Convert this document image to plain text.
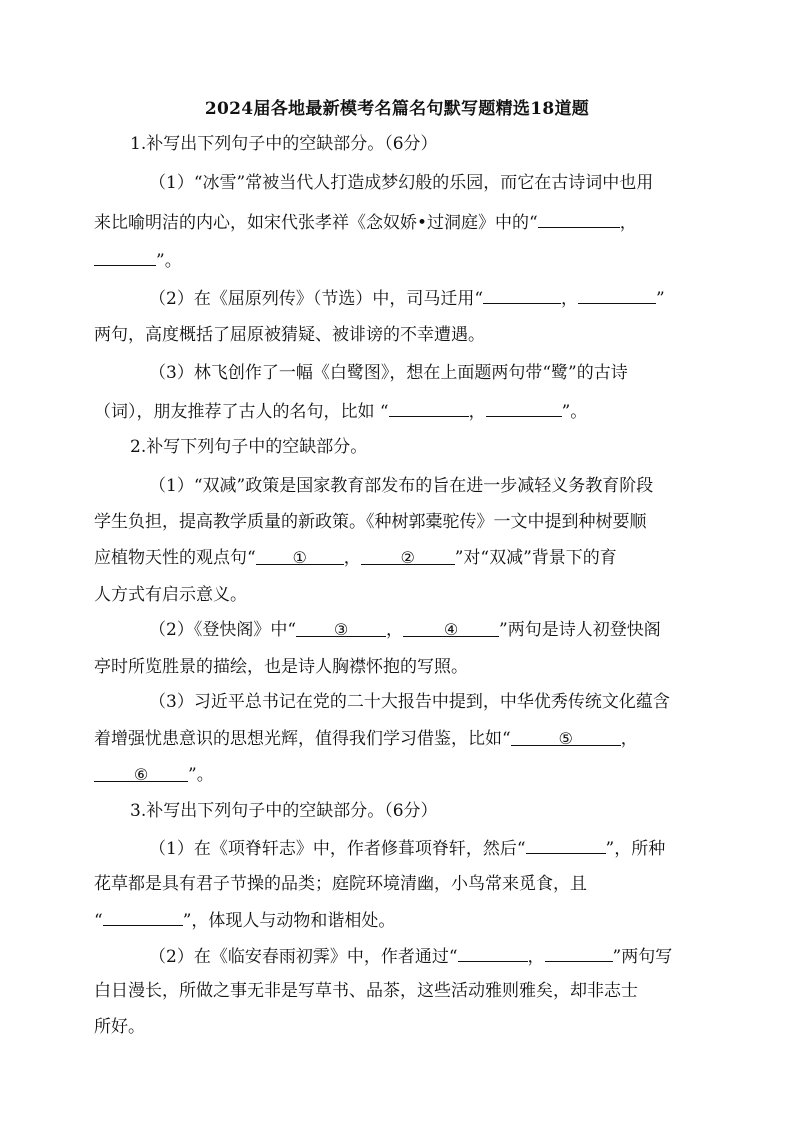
2024届各地最新模考名篇名句默写题精选18道题
1.补写出下列句子中的空缺部分。（6分）
（1）“冰雪”常被当代人打造成梦幻般的乐园，而它在古诗词中也用
来比喻明洁的内心，如宋代张孝祥《念奴娇•过洞庭》中的“	，
”。
（2）在《屈原列传》（节选）中，司马迁用“	，	”
两句，高度概括了屈原被猜疑、被诽谤的不幸遭遇。
（3）林飞创作了一幅《白鹭图》，想在上面题两句带“鹭”的古诗
（词），朋友推荐了古人的名句，比如 “	，	”。
2.补写下列句子中的空缺部分。
（1）“双减”政策是国家教育部发布的旨在进一步减轻义务教育阶段
学生负担，提高教学质量的新政策。《种树郭橐驼传》一文中提到种树要顺
应植物天性的观点句“ ① ， ② ”对“双减”背景下的育
人方式有启示意义。
（2）《登快阁》中“ ③ ，	④ ”两句是诗人初登快阁
亭时所览胜景的描绘，也是诗人胸襟怀抱的写照。
（3）习近平总书记在党的二十大报告中提到，中华优秀传统文化蕴含
着增强忧患意识的思想光辉，值得我们学习借鉴，比如“	⑤	，
⑥ ”。
3.补写出下列句子中的空缺部分。（6分）
（1）在《项脊轩志》中，作者修葺项脊轩，然后“	”，所种
花草都是具有君子节操的品类；庭院环境清幽，小鸟常来觅食，且
“	”，体现人与动物和谐相处。
（2）在《临安春雨初霁》中，作者通过“	，	”两句写
白日漫长，所做之事无非是写草书、品茶，这些活动雅则雅矣，却非志士
所好。
